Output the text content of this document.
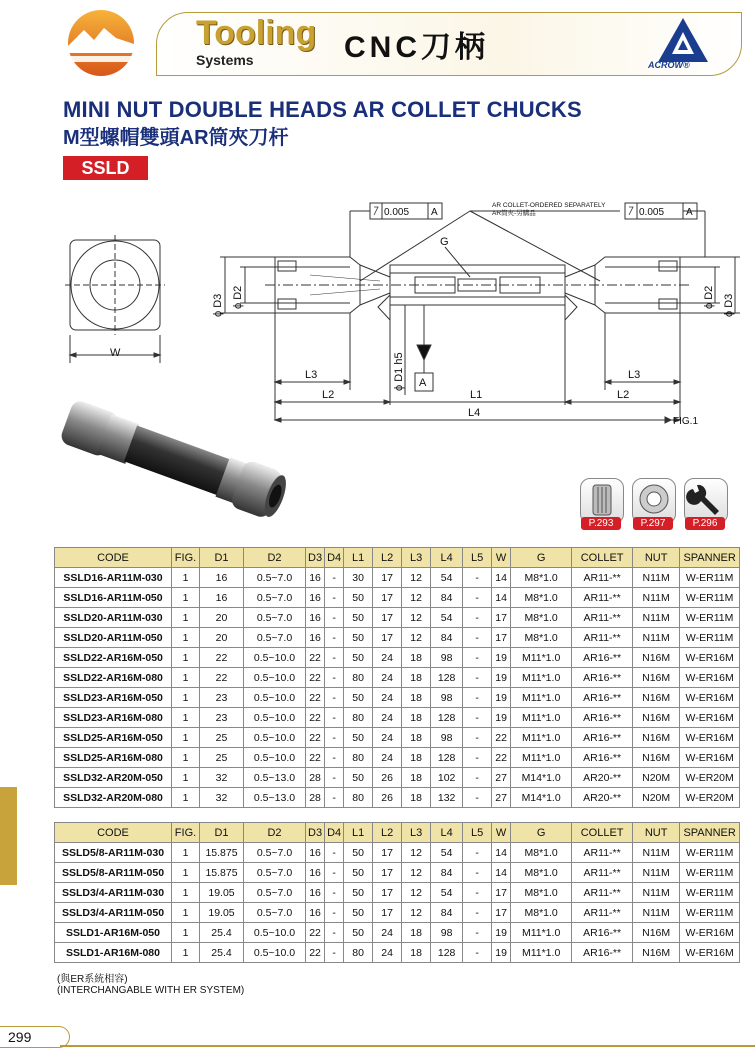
Tooling
Systems	CNC刀柄
ACROW®
MINI NUT DOUBLE HEADS AR COLLET CHUCKS
M型螺帽雙頭AR筒夾刀杆
SSLD
W
0.005 A	0.005 A
AR COLLET-ORDERED SEPARATELY
AR筒夾-另購品
G
ϕ D3 ϕ D2	ϕ D2 ϕ D3
ϕ D1 h5 A
L3
L2	L1
L3
L2
L4
FIG.1
P.293	P.297	P.296
CODE	FIG.	D1	D2	D3	D4	L1	L2	L3	L4	L5	W	G	COLLET	NUT	SPANNER
SSLD16-AR11M-030	1	16	0.5~7.0	16	-	30	17	12	54	-	14	M8*1.0	AR11-**	N11M	W-ER11M
SSLD16-AR11M-050	1	16	0.5~7.0	16	-	50	17	12	84	-	14	M8*1.0	AR11-**	N11M	W-ER11M
SSLD20-AR11M-030	1	20	0.5~7.0	16	-	50	17	12	54	-	17	M8*1.0	AR11-**	N11M	W-ER11M
SSLD20-AR11M-050	1	20	0.5~7.0	16	-	50	17	12	84	-	17	M8*1.0	AR11-**	N11M	W-ER11M
SSLD22-AR16M-050	1	22	0.5~10.0	22	-	50	24	18	98	-	19	M11*1.0	AR16-**	N16M	W-ER16M
SSLD22-AR16M-080	1	22	0.5~10.0	22	-	80	24	18	128	-	19	M11*1.0	AR16-**	N16M	W-ER16M
SSLD23-AR16M-050	1	23	0.5~10.0	22	-	50	24	18	98	-	19	M11*1.0	AR16-**	N16M	W-ER16M
SSLD23-AR16M-080	1	23	0.5~10.0	22	-	80	24	18	128	-	19	M11*1.0	AR16-**	N16M	W-ER16M
SSLD25-AR16M-050	1	25	0.5~10.0	22	-	50	24	18	98	-	22	M11*1.0	AR16-**	N16M	W-ER16M
SSLD25-AR16M-080	1	25	0.5~10.0	22	-	80	24	18	128	-	22	M11*1.0	AR16-**	N16M	W-ER16M
SSLD32-AR20M-050	1	32	0.5~13.0	28	-	50	26	18	102	-	27	M14*1.0	AR20-**	N20M	W-ER20M
SSLD32-AR20M-080	1	32	0.5~13.0	28	-	80	26	18	132	-	27	M14*1.0	AR20-**	N20M	W-ER20M
CODE	FIG.	D1	D2	D3	D4	L1	L2	L3	L4	L5	W	G	COLLET	NUT	SPANNER
SSLD5/8-AR11M-030	1	15.875	0.5~7.0	16	-	50	17	12	54	-	14	M8*1.0	AR11-**	N11M	W-ER11M
SSLD5/8-AR11M-050	1	15.875	0.5~7.0	16	-	50	17	12	84	-	14	M8*1.0	AR11-**	N11M	W-ER11M
SSLD3/4-AR11M-030	1	19.05	0.5~7.0	16	-	50	17	12	54	-	17	M8*1.0	AR11-**	N11M	W-ER11M
SSLD3/4-AR11M-050	1	19.05	0.5~7.0	16	-	50	17	12	84	-	17	M8*1.0	AR11-**	N11M	W-ER11M
SSLD1-AR16M-050	1	25.4	0.5~10.0	22	-	50	24	18	98	-	19	M11*1.0	AR16-**	N16M	W-ER16M
SSLD1-AR16M-080	1	25.4	0.5~10.0	22	-	80	24	18	128	-	19	M11*1.0	AR16-**	N16M	W-ER16M
(與ER系統相容)
(INTERCHANGABLE WITH ER SYSTEM)
299
